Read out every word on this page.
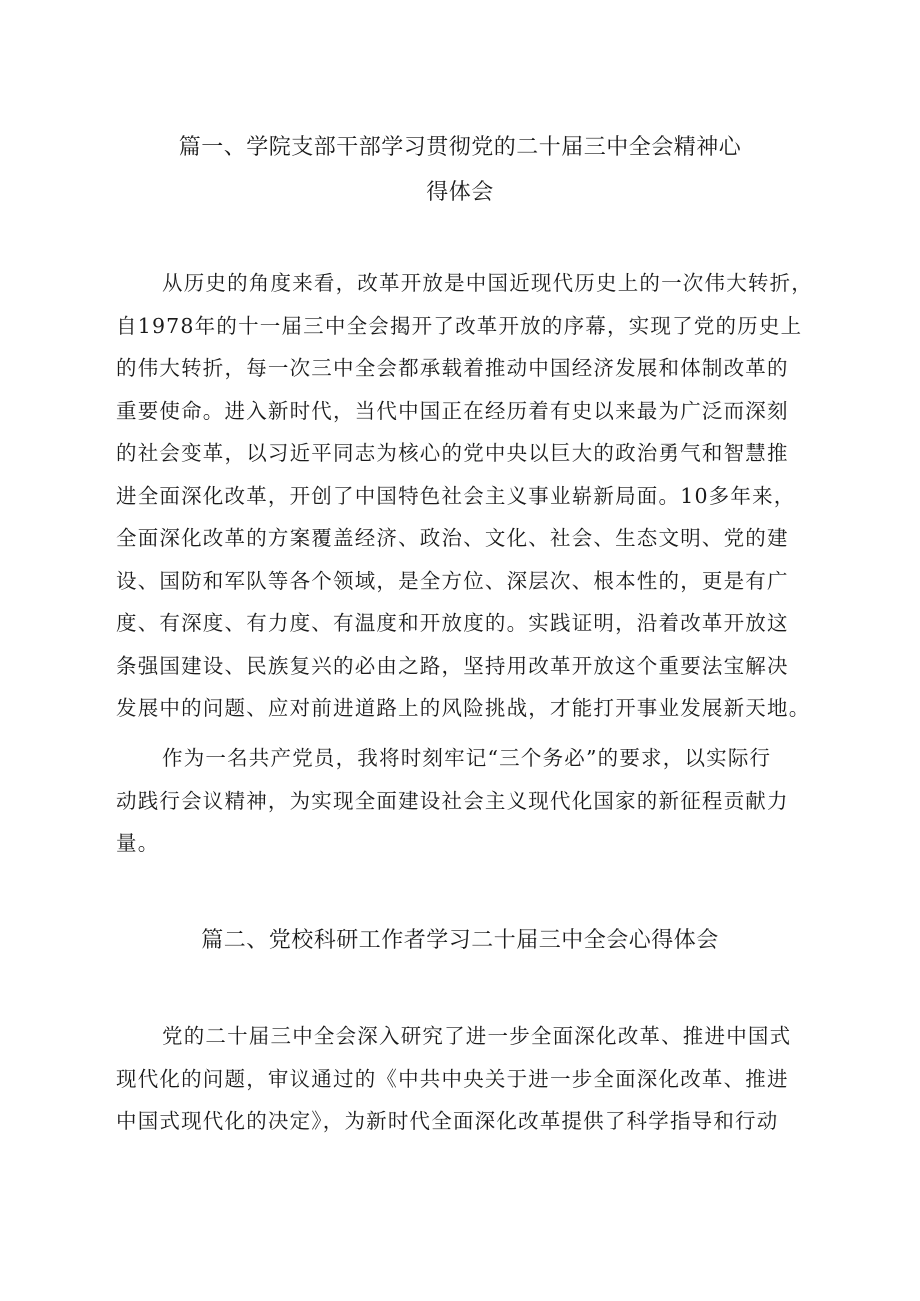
篇一、学院支部干部学习贯彻党的二十届三中全会精神心
得体会
从历史的角度来看，改革开放是中国近现代历史上的一次伟大转折，
自1978年的十一届三中全会揭开了改革开放的序幕，实现了党的历史上
的伟大转折，每一次三中全会都承载着推动中国经济发展和体制改革的
重要使命。进入新时代，当代中国正在经历着有史以来最为广泛而深刻
的社会变革，以习近平同志为核心的党中央以巨大的政治勇气和智慧推
进全面深化改革，开创了中国特色社会主义事业崭新局面。10多年来，
全面深化改革的方案覆盖经济、政治、文化、社会、生态文明、党的建
设、国防和军队等各个领域，是全方位、深层次、根本性的，更是有广
度、有深度、有力度、有温度和开放度的。实践证明，沿着改革开放这
条强国建设、民族复兴的必由之路，坚持用改革开放这个重要法宝解决
发展中的问题、应对前进道路上的风险挑战，才能打开事业发展新天地。
作为一名共产党员，我将时刻牢记“三个务必”的要求，以实际行
动践行会议精神，为实现全面建设社会主义现代化国家的新征程贡献力
量。
篇二、党校科研工作者学习二十届三中全会心得体会
党的二十届三中全会深入研究了进一步全面深化改革、推进中国式
现代化的问题，审议通过的《中共中央关于进一步全面深化改革、推进
中国式现代化的决定》，为新时代全面深化改革提供了科学指导和行动
